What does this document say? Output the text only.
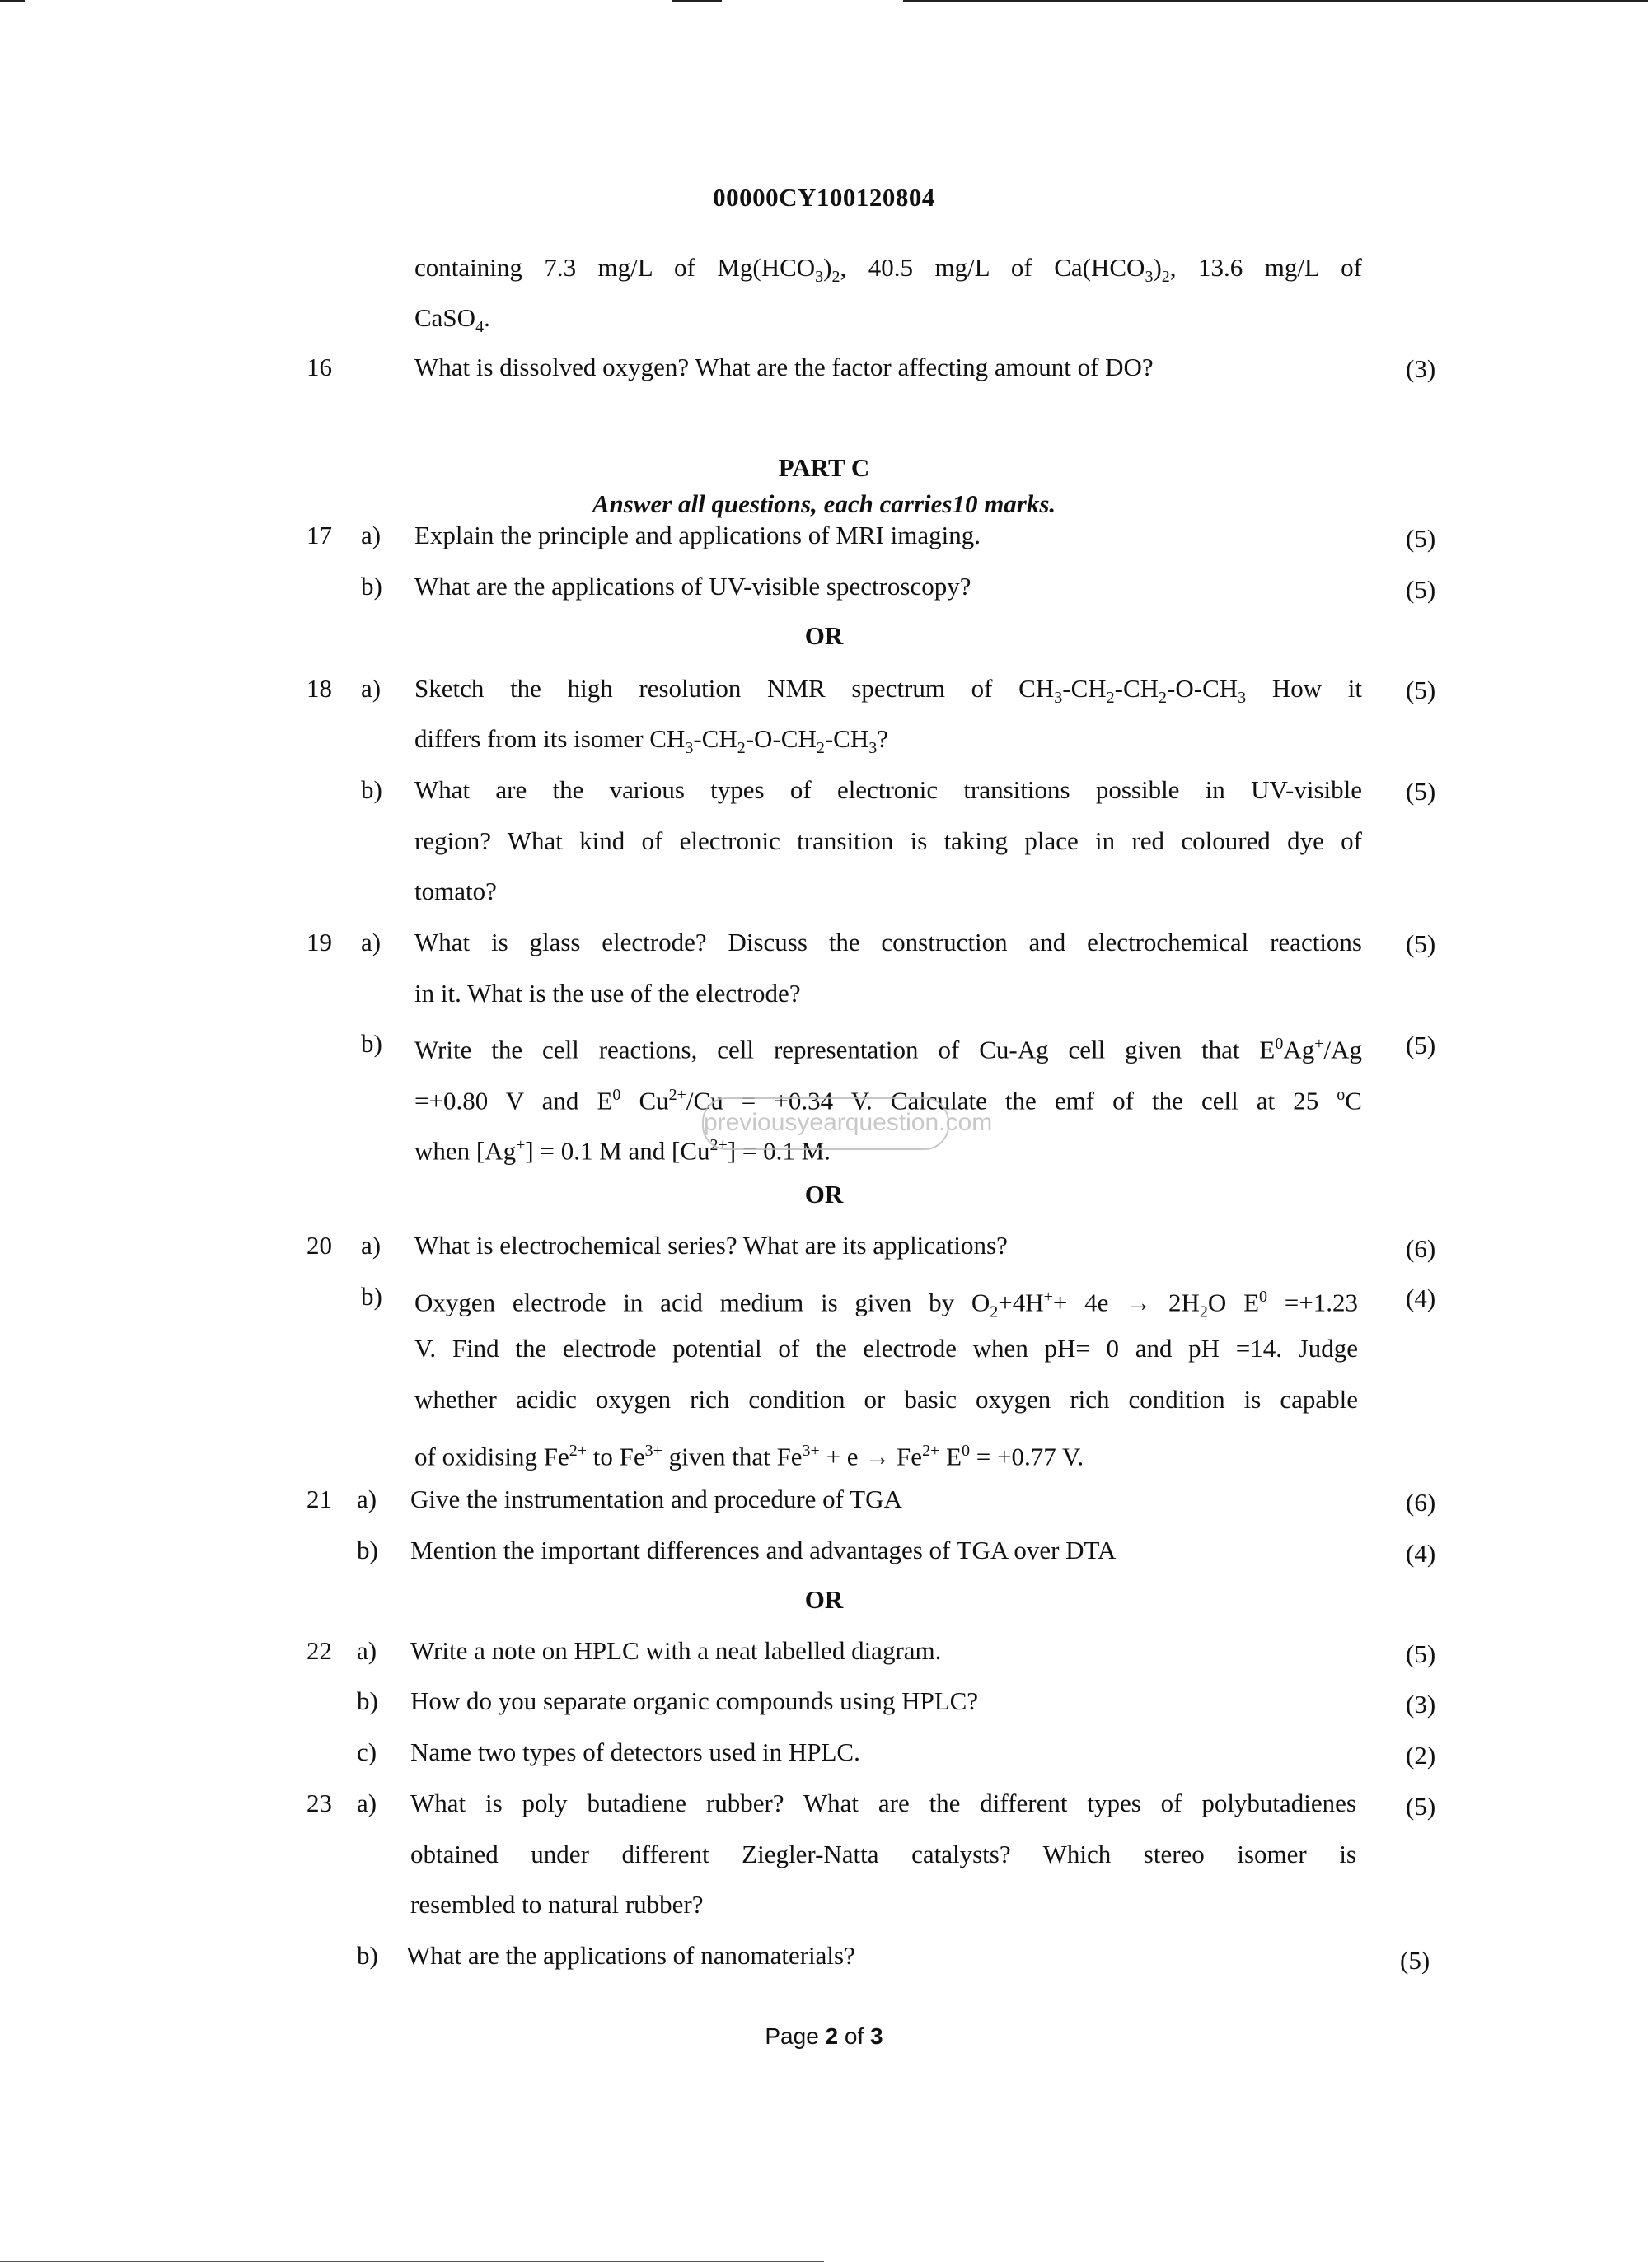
00000CY100120804
containing 7.3 mg/L of $Mg(HCO_3)_2$, 40.5 mg/L of $Ca(HCO_3)_2$, 13.6 mg/L of
CaSO$_4$.
16	What is dissolved oxygen? What are the factor affecting amount of DO?	(3)
PART C
Answer all questions, each carries10 marks.
17 a) Explain the principle and applications of MRI imaging.	(5)
b) What are the applications of UV-visible spectroscopy?	(5)
OR
18 a) Sketch the high resolution NMR spectrum of $CH_3-CH_2-CH_2-O-CH_3$ How it (5)
differs from its isomer $CH_3-CH_2-O-CH_2-CH_3$?
b) What are the various types of electronic transitions possible in UV-visible (5)
region? What kind of electronic transition is taking place in red coloured dye of
tomato?
19 a) What is glass electrode? Discuss the construction and electrochemical reactions (5)
in it. What is the use of the electrode?
b) Write the cell reactions, cell representation of Cu-Ag cell given that $E^0Ag^+/Ag$ (5)
=+0.80 V and $E^0$ $Cu^{2+}/Cu = +0.34$ V. Calculate the emf of the cell at 25 $^o$C
when [Ag+] = 0.1 M and $[Cu^{2+}] = 0.1$ M.
previousyearquestion.com
OR
20 a) What is electrochemical series? What are its applications?	(6)
b) Oxygen electrode in acid medium is given by $O_2+4H^++ 4e \to 2H_2O$ $E^0 =+1.23$ (4)
V. Find the electrode potential of the electrode when pH= 0 and pH =14. Judge
whether acidic oxygen rich condition or basic oxygen rich condition is capable
of oxidising $Fe^{2+}$ to $Fe^{3+}$ given that $Fe^{3+} + e \to Fe^{2+}$ $E^0 = +0.77$ V.
21 a) Give the instrumentation and procedure of TGA	(6)
b) Mention the important differences and advantages of TGA over DTA	(4)
OR
22 a) Write a note on HPLC with a neat labelled diagram.	(5)
b) How do you separate organic compounds using HPLC?	(3)
c) Name two types of detectors used in HPLC.	(2)
23 a) What is poly butadiene rubber? What are the different types of polybutadienes (5)
obtained under different Ziegler-Natta catalysts? Which stereo isomer is
resembled to natural rubber?
b) What are the applications of nanomaterials?	(5)
Page 2 of 3
